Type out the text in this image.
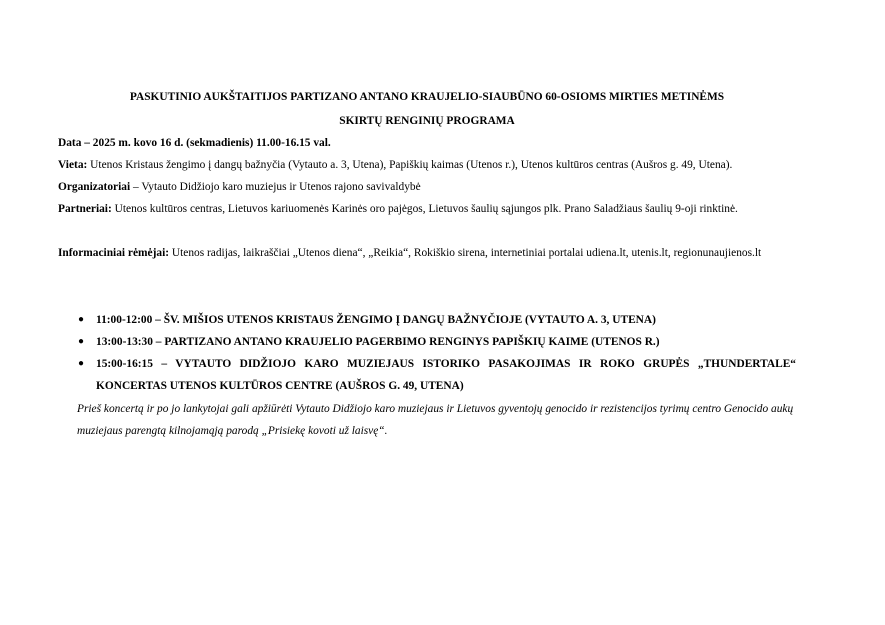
PASKUTINIO AUKŠTAITIJOS PARTIZANO ANTANO KRAUJELIO-SIAUBŪNO 60-OSIOMS MIRTIES METINĖMS

SKIRTŲ RENGINIŲ PROGRAMA

Data – 2025 m. kovo 16 d. (sekmadienis) 11.00-16.15 val.

Vieta: Utenos Kristaus žengimo į dangų bažnyčia (Vytauto a. 3, Utena), Papiškių kaimas (Utenos r.), Utenos kultūros centras (Aušros g. 49, Utena).

Organizatoriai – Vytauto Didžiojo karo muziejus ir Utenos rajono savivaldybė

Partneriai: Utenos kultūros centras, Lietuvos kariuomenės Karinės oro pajėgos, Lietuvos šaulių sąjungos plk. Prano Saladžiaus šaulių 9-oji rinktinė.

Informaciniai rėmėjai: Utenos radijas, laikraščiai „Utenos diena“, „Reikia“, Rokiškio sirena, internetiniai portalai udiena.lt, utenis.lt, regionunaujienos.lt

● 11:00-12:00 – ŠV. MIŠIOS UTENOS KRISTAUS ŽENGIMO Į DANGŲ BAŽNYČIOJE (VYTAUTO A. 3, UTENA)
● 13:00-13:30 – PARTIZANO ANTANO KRAUJELIO PAGERBIMO RENGINYS PAPIŠKIŲ KAIME (UTENOS R.)
● 15:00-16:15 – VYTAUTO DIDŽIOJO KARO MUZIEJAUS ISTORIKO PASAKOJIMAS IR ROKO GRUPĖS „THUNDERTALE“ KONCERTAS UTENOS KULTŪROS CENTRE (AUŠROS G. 49, UTENA)

Prieš koncertą ir po jo lankytojai gali apžiūrėti Vytauto Didžiojo karo muziejaus ir Lietuvos gyventojų genocido ir rezistencijos tyrimų centro Genocido aukų muziejaus parengtą kilnojamąją parodą „Prisiekę kovoti už laisvę“.
